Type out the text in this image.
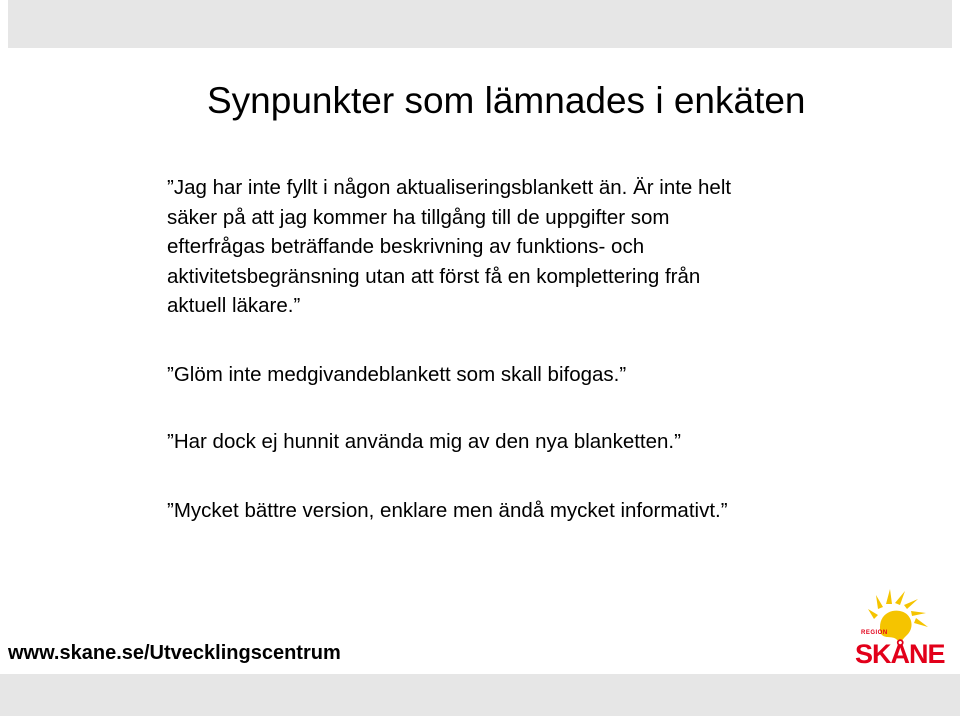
Synpunkter som lämnades i enkäten

”Jag har inte fyllt i någon aktualiseringsblankett än. Är inte helt
säker på att jag kommer ha tillgång till de uppgifter som
efterfrågas beträffande beskrivning av funktions- och
aktivitetsbegränsning utan att först få en komplettering från
aktuell läkare.”

”Glöm inte medgivandeblankett som skall bifogas.”

”Har dock ej hunnit använda mig av den nya blanketten.”

”Mycket bättre version, enklare men ändå mycket informativt.”

www.skane.se/Utvecklingscentrum

REGION
SKÅNE
